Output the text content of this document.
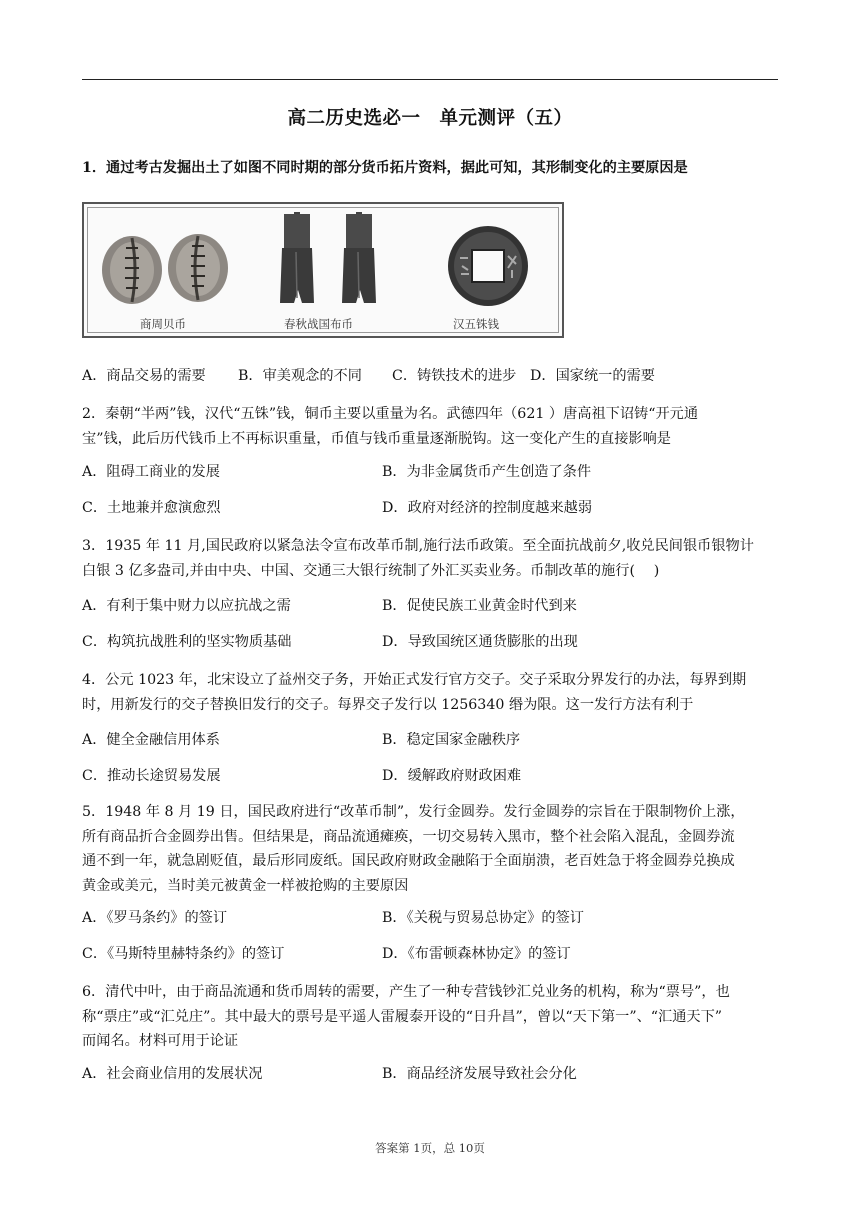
高二历史选必一　单元测评（五）
1．通过考古发掘出土了如图不同时期的部分货币拓片资料，据此可知，其形制变化的主要原因是
商周贝币	春秋战国布币	汉五铢钱
A．商品交易的需要 B．审美观念的不同 C．铸铁技术的进步 D．国家统一的需要
2．秦朝“半两”钱，汉代“五铢”钱，铜币主要以重量为名。武德四年（621 ）唐高祖下诏铸“开元通
宝”钱，此后历代钱币上不再标识重量，币值与钱币重量逐渐脱钩。这一变化产生的直接影响是
A．阻碍工商业的发展	B．为非金属货币产生创造了条件
C．土地兼并愈演愈烈	D．政府对经济的控制度越来越弱
3．1935 年 11 月,国民政府以紧急法令宣布改革币制,施行法币政策。至全面抗战前夕,收兑民间银币银物计
白银 3 亿多盎司,并由中央、中国、交通三大银行统制了外汇买卖业务。币制改革的施行(　 )
A．有利于集中财力以应抗战之需	B．促使民族工业黄金时代到来
C．构筑抗战胜利的坚实物质基础	D．导致国统区通货膨胀的出现
4．公元 1023 年，北宋设立了益州交子务，开始正式发行官方交子。交子采取分界发行的办法，每界到期
时，用新发行的交子替换旧发行的交子。每界交子发行以 1256340 缗为限。这一发行方法有利于
A．健全金融信用体系	B．稳定国家金融秩序
C．推动长途贸易发展	D．缓解政府财政困难
5．1948 年 8 月 19 日，国民政府进行“改革币制”，发行金圆券。发行金圆券的宗旨在于限制物价上涨，
所有商品折合金圆券出售。但结果是，商品流通瘫痪，一切交易转入黑市，整个社会陷入混乱，金圆券流
通不到一年，就急剧贬值，最后形同废纸。国民政府财政金融陷于全面崩溃，老百姓急于将金圆券兑换成
黄金或美元，当时美元被黄金一样被抢购的主要原因
A．《罗马条约》的签订	B．《关税与贸易总协定》的签订
C．《马斯特里赫特条约》的签订	D．《布雷顿森林协定》的签订
6．清代中叶，由于商品流通和货币周转的需要，产生了一种专营钱钞汇兑业务的机构，称为“票号”，也
称“票庄”或“汇兑庄”。其中最大的票号是平遥人雷履泰开设的“日升昌”，曾以“天下第一”、“汇通天下”
而闻名。材料可用于论证
A．社会商业信用的发展状况	B．商品经济发展导致社会分化
答案第 1页，总 10页
